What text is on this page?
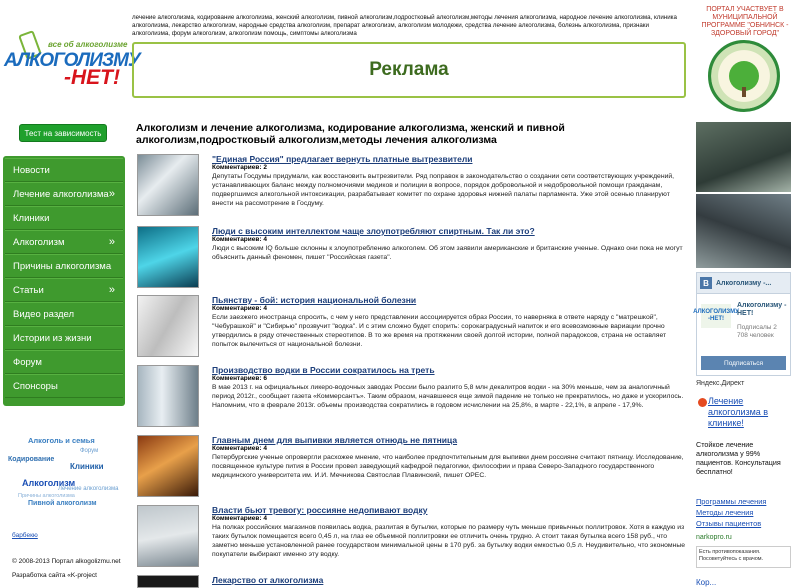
все об алкоголизме
АЛКОГОЛИЗМУ
-НЕТ!
лечение алкоголизма, кодирование алкоголизма, женский алкоголизм, пивной алкоголизм,подростковый алкоголизм,методы лечения алкоголизма, народное лечение алкоголизма, клиника алкоголизма, лекарство алкоголизм, народные средства алкоголизм, препарат алкоголизм, алкоголизм молодежи, средства лечение алкоголизма, болезнь алкоголизма, признаки алкоголизма, форум алкоголизм, алкоголизм помощь, симптомы алкоголизма
Реклама
ПОРТАЛ УЧАСТВУЕТ В МУНИЦИПАЛЬНОЙ ПРОГРАММЕ "ОБНИНСК - ЗДОРОВЫЙ ГОРОД"
Тест на зависимость
Новости
Лечение алкоголизма »
Клиники
Алкоголизм	»
Причины алкоголизма
Статьи	»
Видео раздел
Истории из жизни
Форум
Спонсоры
Алкоголь и семья
Форум
Кодирование
Клиники
Алкоголизм
Лечение алкоголизма
Причины алкоголизма
Пивной алкоголизм
барбекю
© 2008-2013 Портал alkogolizmu.net
Разработка сайта «K-project
Алкоголизм и лечение алкоголизма, кодирование алкоголизма, женский и пивной алкоголизм,подростковый алкоголизм,методы лечения алкоголизма
"Единая Россия" предлагает вернуть платные вытрезвители
Комментариев: 2
Депутаты Госдумы придумали, как восстановить вытрезвители. Ряд поправок в законодательство о создании сети соответствующих учреждений, устанавливающих баланс между полномочиями медиков и полиции в вопросе, порядок добровольной и недобровольной помощи гражданам, подвергшимся алкогольной интоксикации, разрабатывает комитет по охране здоровья нижней палаты парламента. Уже этой осенью планируют внести на рассмотрение в Госдуму.
Люди с высоким интеллектом чаще злоупотребляют спиртным. Так ли это?
Комментариев: 4
Люди с высоким IQ больше склонны к злоупотреблению алкоголем. Об этом заявили американские и британские ученые. Однако они пока не могут объяснить данный феномен, пишет "Российская газета".
Пьянству - бой: история национальной болезни
Комментариев: 4
Если заезжего иностранца спросить, с чем у него представлении ассоциируется образ России, то наверняка в ответе наряду с "матрешкой", "Чебурашкой" и "Сибирью" прозвучит "водка". И с этим сложно будет спорить: сорокаградусный напиток и его всевозможные вариации прочно утвердились в ряду отечественных стереотипов. В то же время на протяжении своей долгой истории, полной парадоксов, страна не оставляет попыток вылечиться от национальной болезни.
Производство водки в России сократилось на треть
Комментариев: 6
В мае 2013 г. на официальных ликеро-водочных заводах России было разлито 5,8 млн декалитров водки - на 30% меньше, чем за аналогичный период 2012г., сообщает газета «Коммерсантъ». Таким образом, начавшееся еще зимой падение не только не прекратилось, но даже и ускорилось. Напомним, что в феврале 2013г. объемы производства сократились в годовом исчислении на 25,8%, в марте - 22,1%, в апреле - 17,9%.
Главным днем для выпивки является отнюдь не пятница
Комментариев: 4
Петербургские ученые опровергли расхожее мнение, что наиболее предпочтительным для выпивки днем россияне считают пятницу. Исследование, посвященное культуре пития в России провел заведующий кафедрой педагогики, философии и права Северо-Западного государственного медицинского университета им. И.И. Мечникова Святослав Плавинский, пишет ОРЕС.
Власти бьют тревогу: россияне недопивают водку
Комментариев: 4
На полках российских магазинов появилась водка, разлитая в бутылки, которые по размеру чуть меньше привычных поллитровок. Хотя в каждую из таких бутылок помещается всего 0,45 л, на глаз ее объемной поллитровки ее отличить очень трудно. А стоит такая бутылка всего 158 руб., что заметно меньше установленной ранее государством минимальной цены в 170 руб. за бутылку водки емкостью 0,5 л. Неудивительно, что экономные покупатели выбирают именно эту водку.
Лекарство от алкоголизма
B	Алкоголизму -...
АЛКОГОЛИЗМУ -НЕТ!
Алкоголизму - НЕТ!
Подписалы 2 708 человек
Подписаться
Яндекс.Директ
Лечение алкоголизма в клинике!
Стойкое лечение алкоголизма у 99% пациентов. Консультация бесплатно!
Программы лечения
Методы лечения
Отзывы пациентов
narkopro.ru
Есть противопоказания. Посоветуйтесь с врачом.
Кор...
